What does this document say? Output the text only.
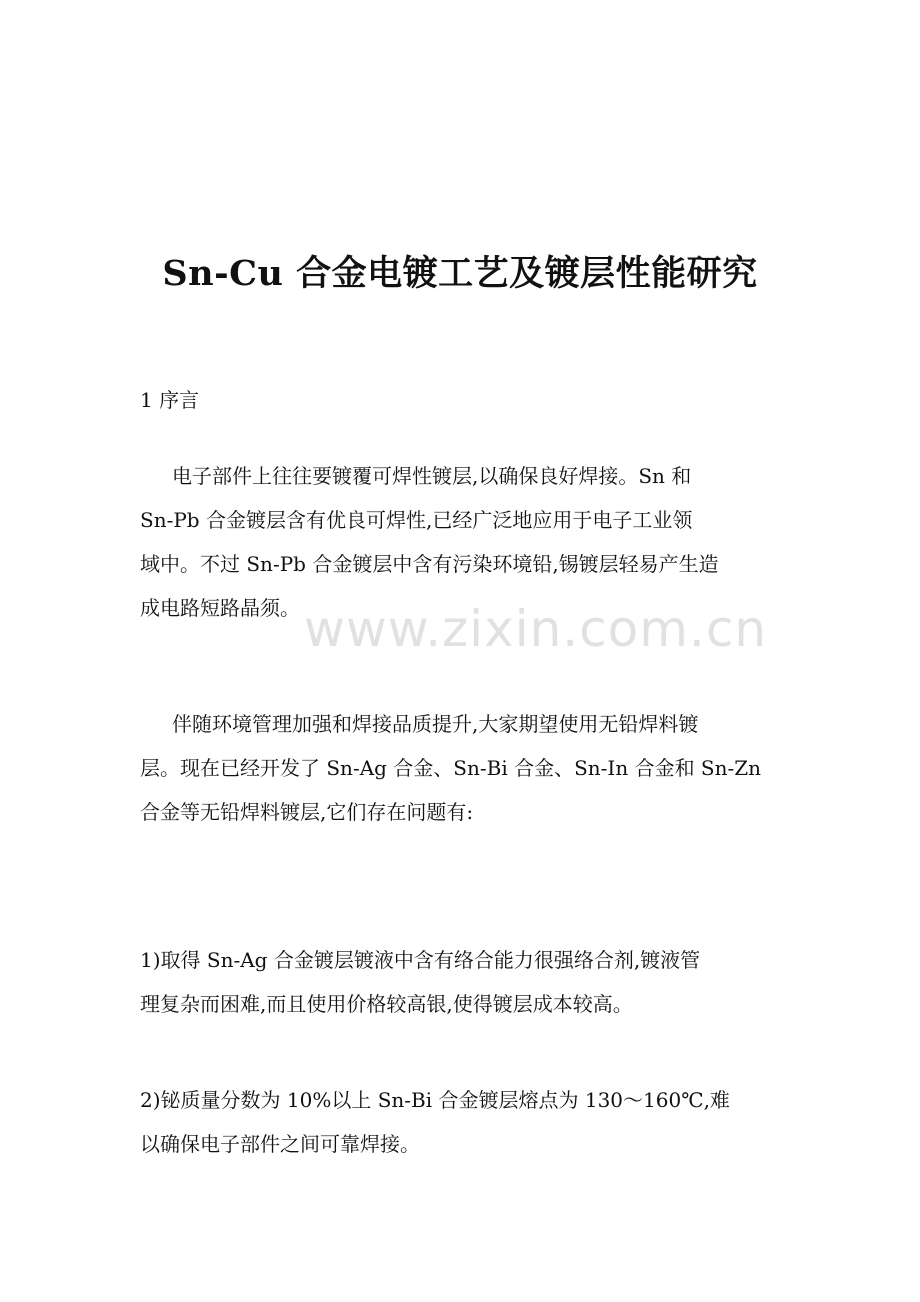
www.zixin.com.cn
Sn-Cu 合金电镀工艺及镀层性能研究
1 序言
电子部件上往往要镀覆可焊性镀层,以确保良好焊接。Sn 和
Sn-Pb 合金镀层含有优良可焊性,已经广泛地应用于电子工业领
域中。不过 Sn-Pb 合金镀层中含有污染环境铅,锡镀层轻易产生造
成电路短路晶须。
伴随环境管理加强和焊接品质提升,大家期望使用无铅焊料镀
层。现在已经开发了 Sn-Ag 合金、Sn-Bi 合金、Sn-In 合金和 Sn-Zn
合金等无铅焊料镀层,它们存在问题有:
1)取得 Sn-Ag 合金镀层镀液中含有络合能力很强络合剂,镀液管
理复杂而困难,而且使用价格较高银,使得镀层成本较高。
2)铋质量分数为 10%以上 Sn-Bi 合金镀层熔点为 130～160℃,难
以确保电子部件之间可靠焊接。
